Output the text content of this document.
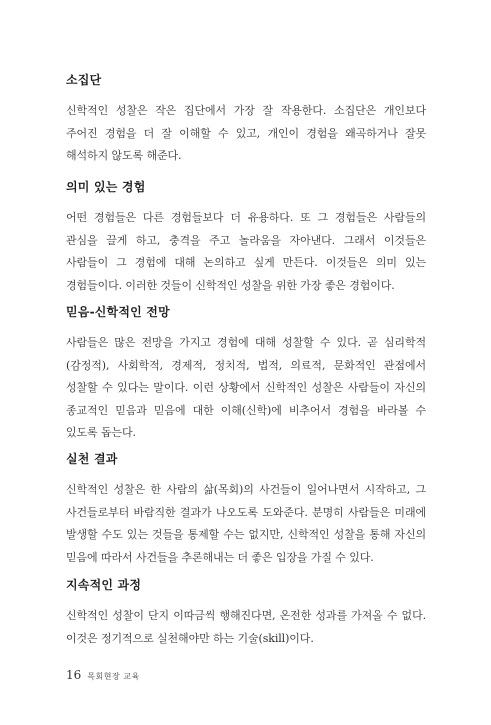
소집단

신학적인 성찰은 작은 집단에서 가장 잘 작용한다. 소집단은 개인보다 주어진 경험을 더 잘 이해할 수 있고, 개인이 경험을 왜곡하거나 잘못 해석하지 않도록 해준다.

의미 있는 경험

어떤 경험들은 다른 경험들보다 더 유용하다. 또 그 경험들은 사람들의 관심을 끌게 하고, 충격을 주고 놀라움을 자아낸다. 그래서 이것들은 사람들이 그 경험에 대해 논의하고 싶게 만든다. 이것들은 의미 있는 경험들이다. 이러한 것들이 신학적인 성찰을 위한 가장 좋은 경험이다.

믿음-신학적인 전망

사람들은 많은 전망을 가지고 경험에 대해 성찰할 수 있다. 곧 심리학적(감정적), 사회학적, 경제적, 정치적, 법적, 의료적, 문화적인 관점에서 성찰할 수 있다는 말이다. 이런 상황에서 신학적인 성찰은 사람들이 자신의 종교적인 믿음과 믿음에 대한 이해(신학)에 비추어서 경험을 바라볼 수 있도록 돕는다.

실천 결과

신학적인 성찰은 한 사람의 삶(목회)의 사건들이 일어나면서 시작하고, 그 사건들로부터 바람직한 결과가 나오도록 도와준다. 분명히 사람들은 미래에 발생할 수도 있는 것들을 통제할 수는 없지만, 신학적인 성찰을 통해 자신의 믿음에 따라서 사건들을 추론해내는 더 좋은 입장을 가질 수 있다.

지속적인 과정

신학적인 성찰이 단지 이따금씩 행해진다면, 온전한 성과를 가져올 수 없다. 이것은 정기적으로 실천해야만 하는 기술(skill)이다.

16 목회현장 교육
